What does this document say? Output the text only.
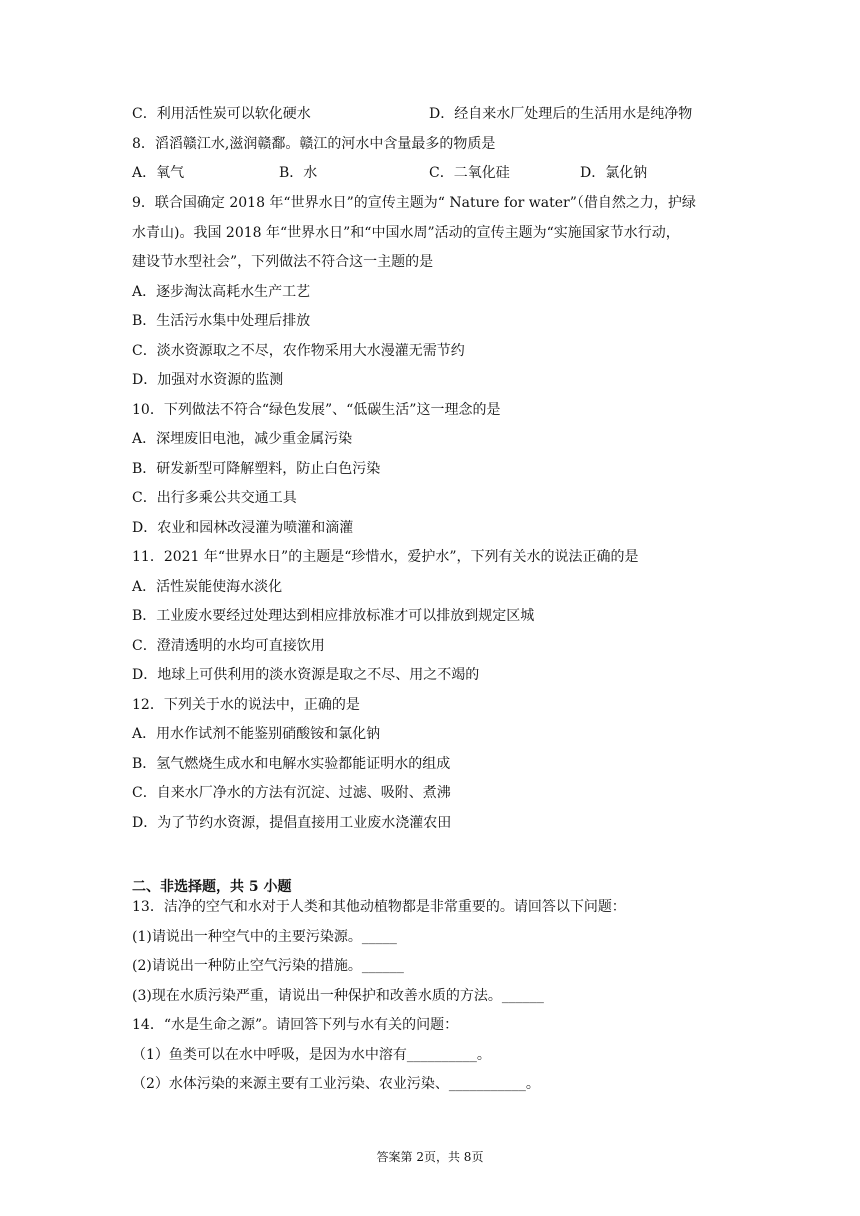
C．利用活性炭可以软化硬水	D．经自来水厂处理后的生活用水是纯净物
8．滔滔赣江水,滋润赣鄱。赣江的河水中含量最多的物质是
A．氧气	B．水	C．二氧化硅	D．氯化钠
9．联合国确定 2018 年“世界水日”的宣传主题为“ Nature for water”（借自然之力，护绿
水青山)。我国 2018 年“世界水日”和“中国水周”活动的宣传主题为“实施国家节水行动，
建设节水型社会”，下列做法不符合这一主题的是
A．逐步淘汰高耗水生产工艺
B．生活污水集中处理后排放
C．淡水资源取之不尽，农作物采用大水漫灌无需节约
D．加强对水资源的监测
10．下列做法不符合“绿色发展”、“低碳生活”这一理念的是
A．深埋废旧电池，减少重金属污染
B．研发新型可降解塑料，防止白色污染
C．出行多乘公共交通工具
D．农业和园林改浸灌为喷灌和滴灌
11．2021 年“世界水日”的主题是“珍惜水，爱护水”，下列有关水的说法正确的是
A．活性炭能使海水淡化
B．工业废水要经过处理达到相应排放标准才可以排放到规定区城
C．澄清透明的水均可直接饮用
D．地球上可供利用的淡水资源是取之不尽、用之不竭的
12．下列关于水的说法中，正确的是
A．用水作试剂不能鉴别硝酸铵和氯化钠
B．氢气燃烧生成水和电解水实验都能证明水的组成
C．自来水厂净水的方法有沉淀、过滤、吸附、煮沸
D．为了节约水资源，提倡直接用工业废水浇灌农田
二、非选择题，共 5 小题
13．洁净的空气和水对于人类和其他动植物都是非常重要的。请回答以下问题：
(1)请说出一种空气中的主要污染源。_____
(2)请说出一种防止空气污染的措施。______
(3)现在水质污染严重，请说出一种保护和改善水质的方法。______
14．“水是生命之源”。请回答下列与水有关的问题：
（1）鱼类可以在水中呼吸，是因为水中溶有__________。
（2）水体污染的来源主要有工业污染、农业污染、___________。
答案第 2页，共 8页
